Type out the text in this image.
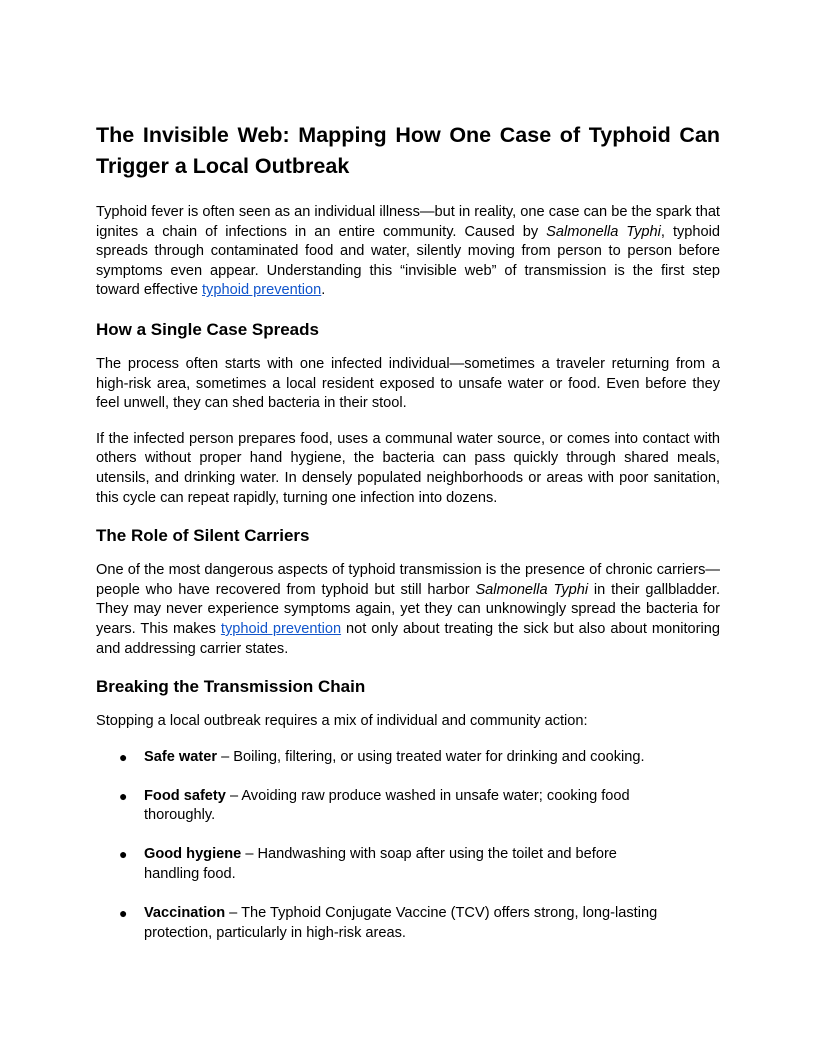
The Invisible Web: Mapping How One Case of Typhoid Can Trigger a Local Outbreak

Typhoid fever is often seen as an individual illness—but in reality, one case can be the spark that ignites a chain of infections in an entire community. Caused by Salmonella Typhi, typhoid spreads through contaminated food and water, silently moving from person to person before symptoms even appear. Understanding this “invisible web” of transmission is the first step toward effective typhoid prevention.

How a Single Case Spreads

The process often starts with one infected individual—sometimes a traveler returning from a high-risk area, sometimes a local resident exposed to unsafe water or food. Even before they feel unwell, they can shed bacteria in their stool.

If the infected person prepares food, uses a communal water source, or comes into contact with others without proper hand hygiene, the bacteria can pass quickly through shared meals, utensils, and drinking water. In densely populated neighborhoods or areas with poor sanitation, this cycle can repeat rapidly, turning one infection into dozens.

The Role of Silent Carriers

One of the most dangerous aspects of typhoid transmission is the presence of chronic carriers—people who have recovered from typhoid but still harbor Salmonella Typhi in their gallbladder. They may never experience symptoms again, yet they can unknowingly spread the bacteria for years. This makes typhoid prevention not only about treating the sick but also about monitoring and addressing carrier states.

Breaking the Transmission Chain

Stopping a local outbreak requires a mix of individual and community action:

● Safe water – Boiling, filtering, or using treated water for drinking and cooking.
● Food safety – Avoiding raw produce washed in unsafe water; cooking food thoroughly.
● Good hygiene – Handwashing with soap after using the toilet and before handling food.
● Vaccination – The Typhoid Conjugate Vaccine (TCV) offers strong, long-lasting protection, particularly in high-risk areas.
